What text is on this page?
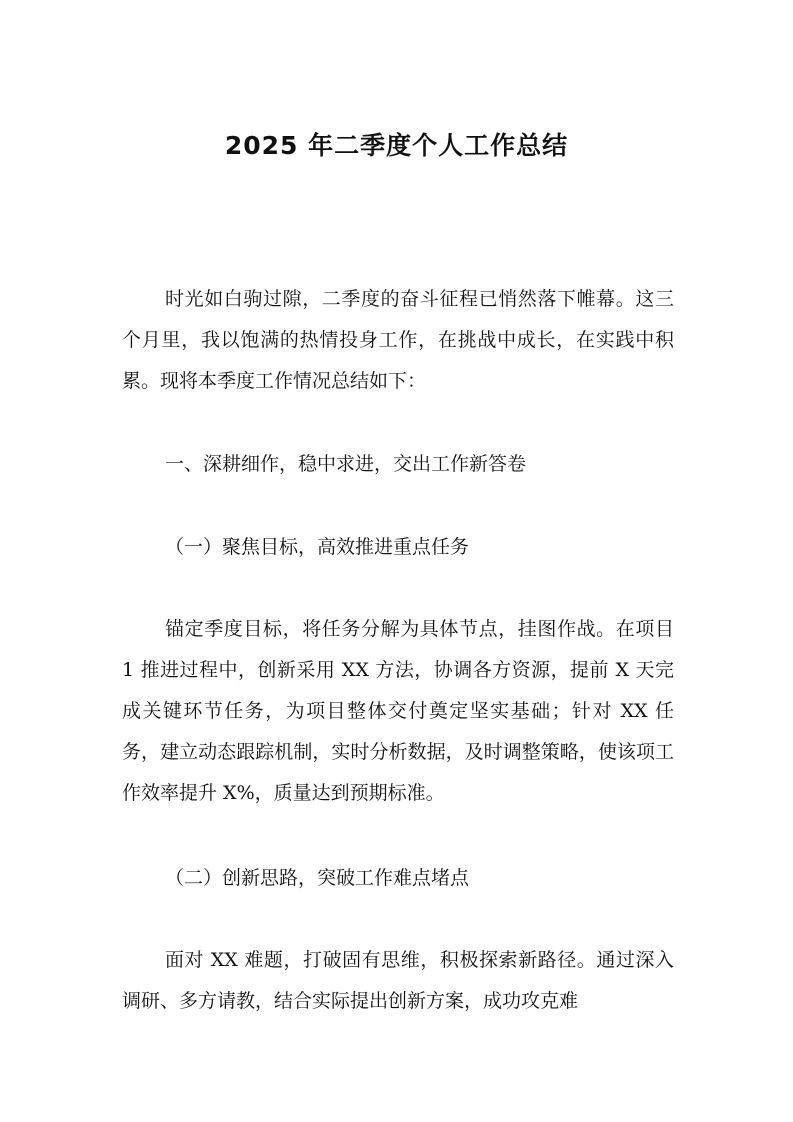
2025 年二季度个人工作总结

时光如白驹过隙，二季度的奋斗征程已悄然落下帷幕。这三个月里，我以饱满的热情投身工作，在挑战中成长，在实践中积累。现将本季度工作情况总结如下：

一、深耕细作，稳中求进，交出工作新答卷

（一）聚焦目标，高效推进重点任务

锚定季度目标，将任务分解为具体节点，挂图作战。在项目 1 推进过程中，创新采用 XX 方法，协调各方资源，提前 X 天完成关键环节任务，为项目整体交付奠定坚实基础；针对 XX 任务，建立动态跟踪机制，实时分析数据，及时调整策略，使该项工作效率提升 X%，质量达到预期标准。

（二）创新思路，突破工作难点堵点

面对 XX 难题，打破固有思维，积极探索新路径。通过深入调研、多方请教，结合实际提出创新方案，成功攻克难
